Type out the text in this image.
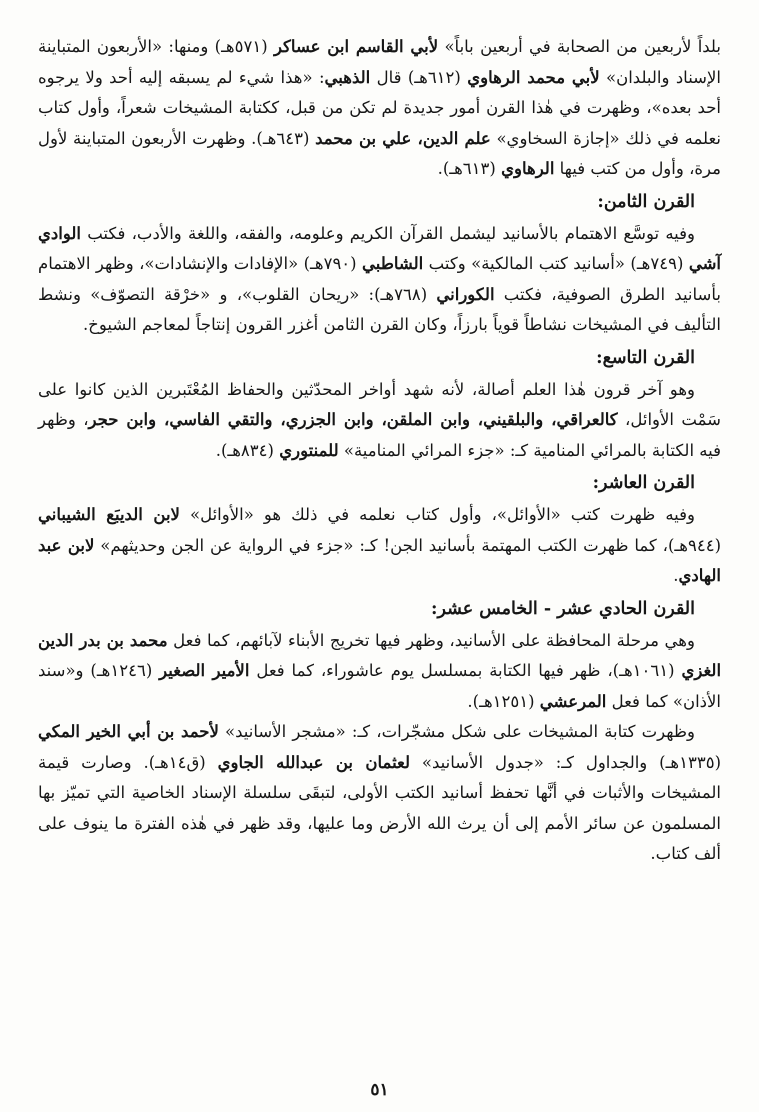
بلداً لأربعين من الصحابة في أربعين باباً» لأبي القاسم ابن عساكر (٥٧١هـ) ومنها: «الأربعون المتباينة الإسناد والبلدان» لأبي محمد الرهاوي (٦١٢هـ) قال الذهبي: «هذا شيء لم يسبقه إليه أحد ولا يرجوه أحد بعده»، وظهرت في هٰذا القرن أمور جديدة لم تكن من قبل، ككتابة المشيخات شعراً، وأول كتاب نعلمه في ذلك «إجازة السخاوي» علم الدين، علي بن محمد (٦٤٣هـ). وظهرت الأربعون المتباينة لأول مرة، وأول من كتب فيها الرهاوي (٦١٣هـ).

القرن الثامن:

وفيه توسَّع الاهتمام بالأسانيد ليشمل القرآن الكريم وعلومه، والفقه، واللغة والأدب، فكتب الوادي آشي (٧٤٩هـ) «أسانيد كتب المالكية» وكتب الشاطبي (٧٩٠هـ) «الإفادات والإنشادات»، وظهر الاهتمام بأسانيد الطرق الصوفية، فكتب الكوراني (٧٦٨هـ): «ريحان القلوب»، و «خرْقة التصوّف» ونشط التأليف في المشيخات نشاطاً قوياً بارزاً، وكان القرن الثامن أغزر القرون إنتاجاً لمعاجم الشيوخ.

القرن التاسع:

وهو آخر قرون هٰذا العلم أصالة، لأنه شهد أواخر المحدّثين والحفاظ المُعْتَبرين الذين كانوا على سَمْت الأوائل، كالعراقي، والبلقيني، وابن الملقن، وابن الجزري، والتقي الفاسي، وابن حجر، وظهر فيه الكتابة بالمرائي المنامية كـ: «جزء المرائي المنامية» للمنتوري (٨٣٤هـ).

القرن العاشر:

وفيه ظهرت كتب «الأوائل»، وأول كتاب نعلمه في ذلك هو «الأوائل» لابن الديبَع الشيباني (٩٤٤هـ)، كما ظهرت الكتب المهتمة بأسانيد الجن! كـ: «جزء في الرواية عن الجن وحديثهم» لابن عبد الهادي.

القرن الحادي عشر - الخامس عشر:

وهي مرحلة المحافظة على الأسانيد، وظهر فيها تخريج الأبناء لآبائهم، كما فعل محمد بن بدر الدين الغزي (١٠٦١هـ)، ظهر فيها الكتابة بمسلسل يوم عاشوراء، كما فعل الأمير الصغير (١٢٤٦هـ) و«سند الأذان» كما فعل المرعشي (١٢٥١هـ).

وظهرت كتابة المشيخات على شكل مشجّرات، كـ: «مشجر الأسانيد» لأحمد بن أبي الخير المكي (١٣٣٥هـ) والجداول كـ: «جدول الأسانيد» لعثمان بن عبدالله الجاوي (ق١٤هـ). وصارت قيمة المشيخات والأثبات في أنَّها تحفظ أسانيد الكتب الأولى، لتبقَى سلسلة الإسناد الخاصية التي تميّز بها المسلمون عن سائر الأمم إلى أن يرث الله الأرض وما عليها، وقد ظهر في هٰذه الفترة ما ينوف على ألف كتاب.

٥١
